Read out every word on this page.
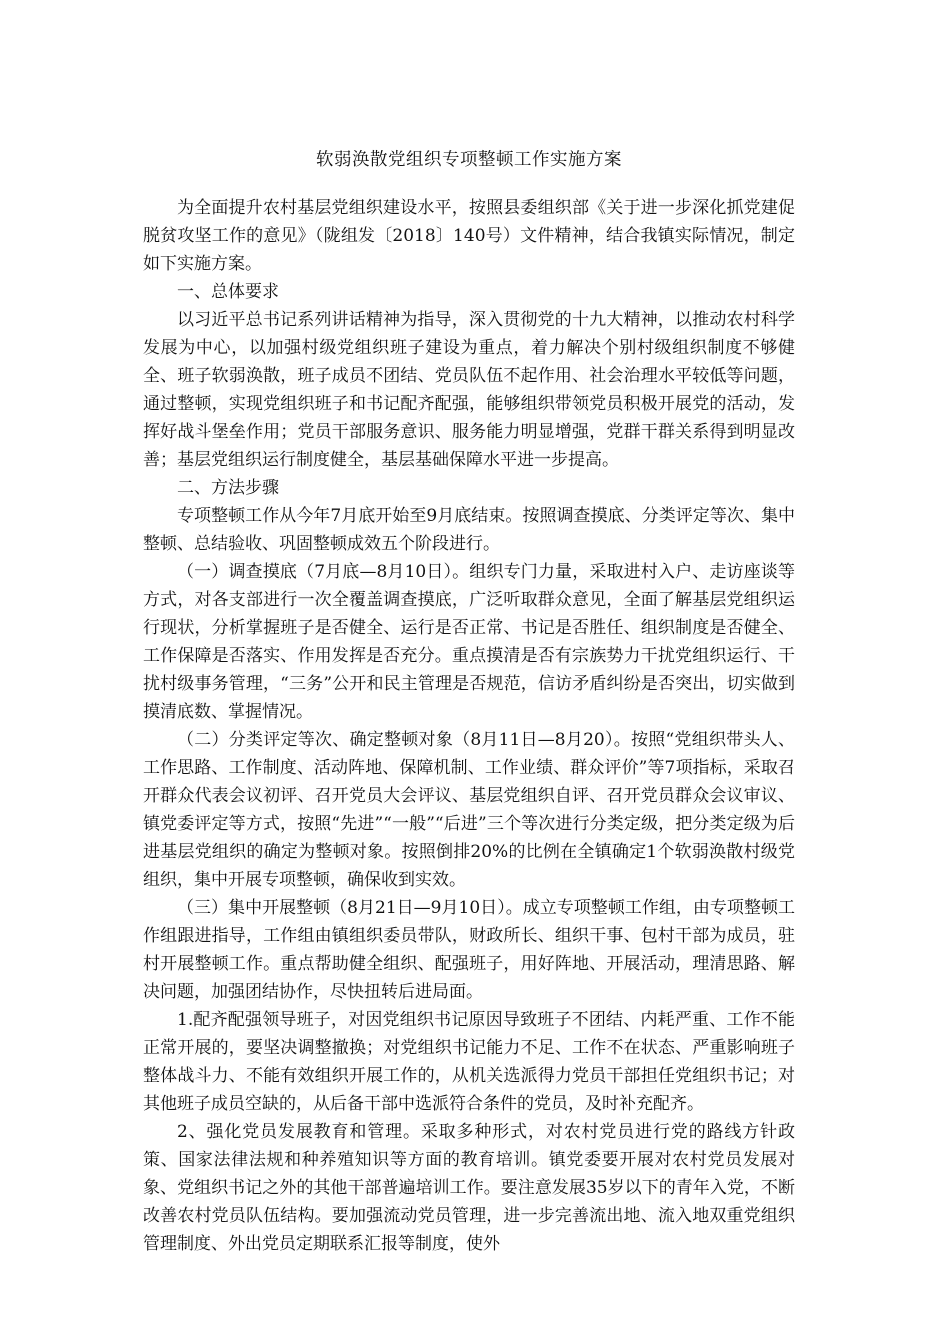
软弱涣散党组织专项整顿工作实施方案

为全面提升农村基层党组织建设水平，按照县委组织部《关于进一步深化抓党建促脱贫攻坚工作的意见》（陇组发〔2018〕140号）文件精神，结合我镇实际情况，制定如下实施方案。

一、总体要求

以习近平总书记系列讲话精神为指导，深入贯彻党的十九大精神，以推动农村科学发展为中心，以加强村级党组织班子建设为重点，着力解决个别村级组织制度不够健全、班子软弱涣散，班子成员不团结、党员队伍不起作用、社会治理水平较低等问题，通过整顿，实现党组织班子和书记配齐配强，能够组织带领党员积极开展党的活动，发挥好战斗堡垒作用；党员干部服务意识、服务能力明显增强，党群干群关系得到明显改善；基层党组织运行制度健全，基层基础保障水平进一步提高。

二、方法步骤

专项整顿工作从今年7月底开始至9月底结束。按照调查摸底、分类评定等次、集中整顿、总结验收、巩固整顿成效五个阶段进行。

（一）调查摸底（7月底—8月10日）。组织专门力量，采取进村入户、走访座谈等方式，对各支部进行一次全覆盖调查摸底，广泛听取群众意见，全面了解基层党组织运行现状，分析掌握班子是否健全、运行是否正常、书记是否胜任、组织制度是否健全、工作保障是否落实、作用发挥是否充分。重点摸清是否有宗族势力干扰党组织运行、干扰村级事务管理，“三务”公开和民主管理是否规范，信访矛盾纠纷是否突出，切实做到摸清底数、掌握情况。

（二）分类评定等次、确定整顿对象（8月11日—8月20）。按照“党组织带头人、工作思路、工作制度、活动阵地、保障机制、工作业绩、群众评价”等7项指标，采取召开群众代表会议初评、召开党员大会评议、基层党组织自评、召开党员群众会议审议、镇党委评定等方式，按照“先进”“一般”“后进”三个等次进行分类定级，把分类定级为后进基层党组织的确定为整顿对象。按照倒排20%的比例在全镇确定1个软弱涣散村级党组织，集中开展专项整顿，确保收到实效。

（三）集中开展整顿（8月21日—9月10日）。成立专项整顿工作组，由专项整顿工作组跟进指导，工作组由镇组织委员带队，财政所长、组织干事、包村干部为成员，驻村开展整顿工作。重点帮助健全组织、配强班子，用好阵地、开展活动，理清思路、解决问题，加强团结协作，尽快扭转后进局面。

1.配齐配强领导班子，对因党组织书记原因导致班子不团结、内耗严重、工作不能正常开展的，要坚决调整撤换；对党组织书记能力不足、工作不在状态、严重影响班子整体战斗力、不能有效组织开展工作的，从机关选派得力党员干部担任党组织书记；对其他班子成员空缺的，从后备干部中选派符合条件的党员，及时补充配齐。

2、强化党员发展教育和管理。采取多种形式，对农村党员进行党的路线方针政策、国家法律法规和种养殖知识等方面的教育培训。镇党委要开展对农村党员发展对象、党组织书记之外的其他干部普遍培训工作。要注意发展35岁以下的青年入党，不断改善农村党员队伍结构。要加强流动党员管理，进一步完善流出地、流入地双重党组织管理制度、外出党员定期联系汇报等制度，使外
